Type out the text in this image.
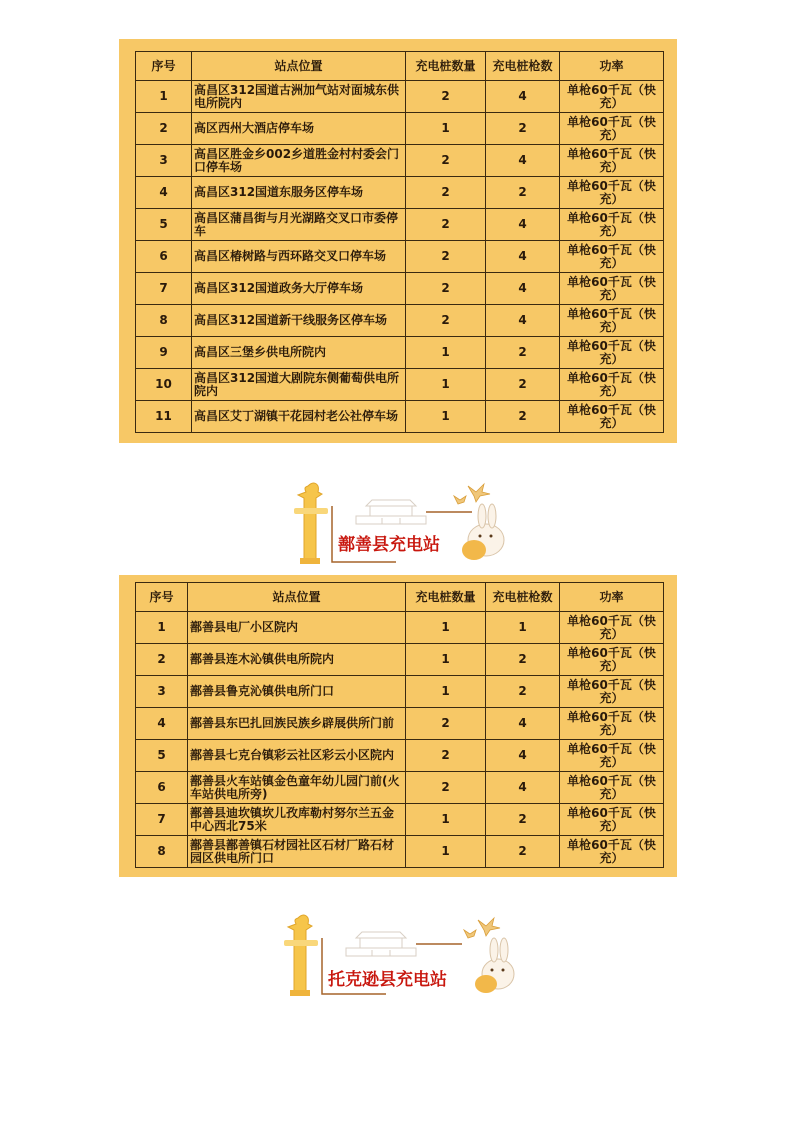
序号	站点位置	充电桩数量	充电桩枪数	功率
1	高昌区312国道古洲加气站对面城东供电所院内	2	4	单枪60千瓦（快充）
2	高区西州大酒店停车场	1	2	单枪60千瓦（快充）
3	高昌区胜金乡002乡道胜金村村委会门口停车场	2	4	单枪60千瓦（快充）
4	高昌区312国道东服务区停车场	2	2	单枪60千瓦（快充）
5	高昌区蒲昌街与月光湖路交叉口市委停车	2	4	单枪60千瓦（快充）
6	高昌区椿树路与西环路交叉口停车场	2	4	单枪60千瓦（快充）
7	高昌区312国道政务大厅停车场	2	4	单枪60千瓦（快充）
8	高昌区312国道新干线服务区停车场	2	4	单枪60千瓦（快充）
9	高昌区三堡乡供电所院内	1	2	单枪60千瓦（快充）
10	高昌区312国道大剧院东侧葡萄供电所院内	1	2	单枪60千瓦（快充）
11	高昌区艾丁湖镇干花园村老公社停车场	1	2	单枪60千瓦（快充）
鄯善县充电站
序号	站点位置	充电桩数量	充电桩枪数	功率
1	鄯善县电厂小区院内	1	1	单枪60千瓦（快充）
2	鄯善县连木沁镇供电所院内	1	2	单枪60千瓦（快充）
3	鄯善县鲁克沁镇供电所门口	1	2	单枪60千瓦（快充）
4	鄯善县东巴扎回族民族乡辟展供所门前	2	4	单枪60千瓦（快充）
5	鄯善县七克台镇彩云社区彩云小区院内	2	4	单枪60千瓦（快充）
6	鄯善县火车站镇金色童年幼儿园门前(火车站供电所旁)	2	4	单枪60千瓦（快充）
7	鄯善县迪坎镇坎儿孜库勒村努尔兰五金中心西北75米	1	2	单枪60千瓦（快充）
8	鄯善县鄯善镇石材园社区石材厂路石材园区供电所门口	1	2	单枪60千瓦（快充）
托克逊县充电站
